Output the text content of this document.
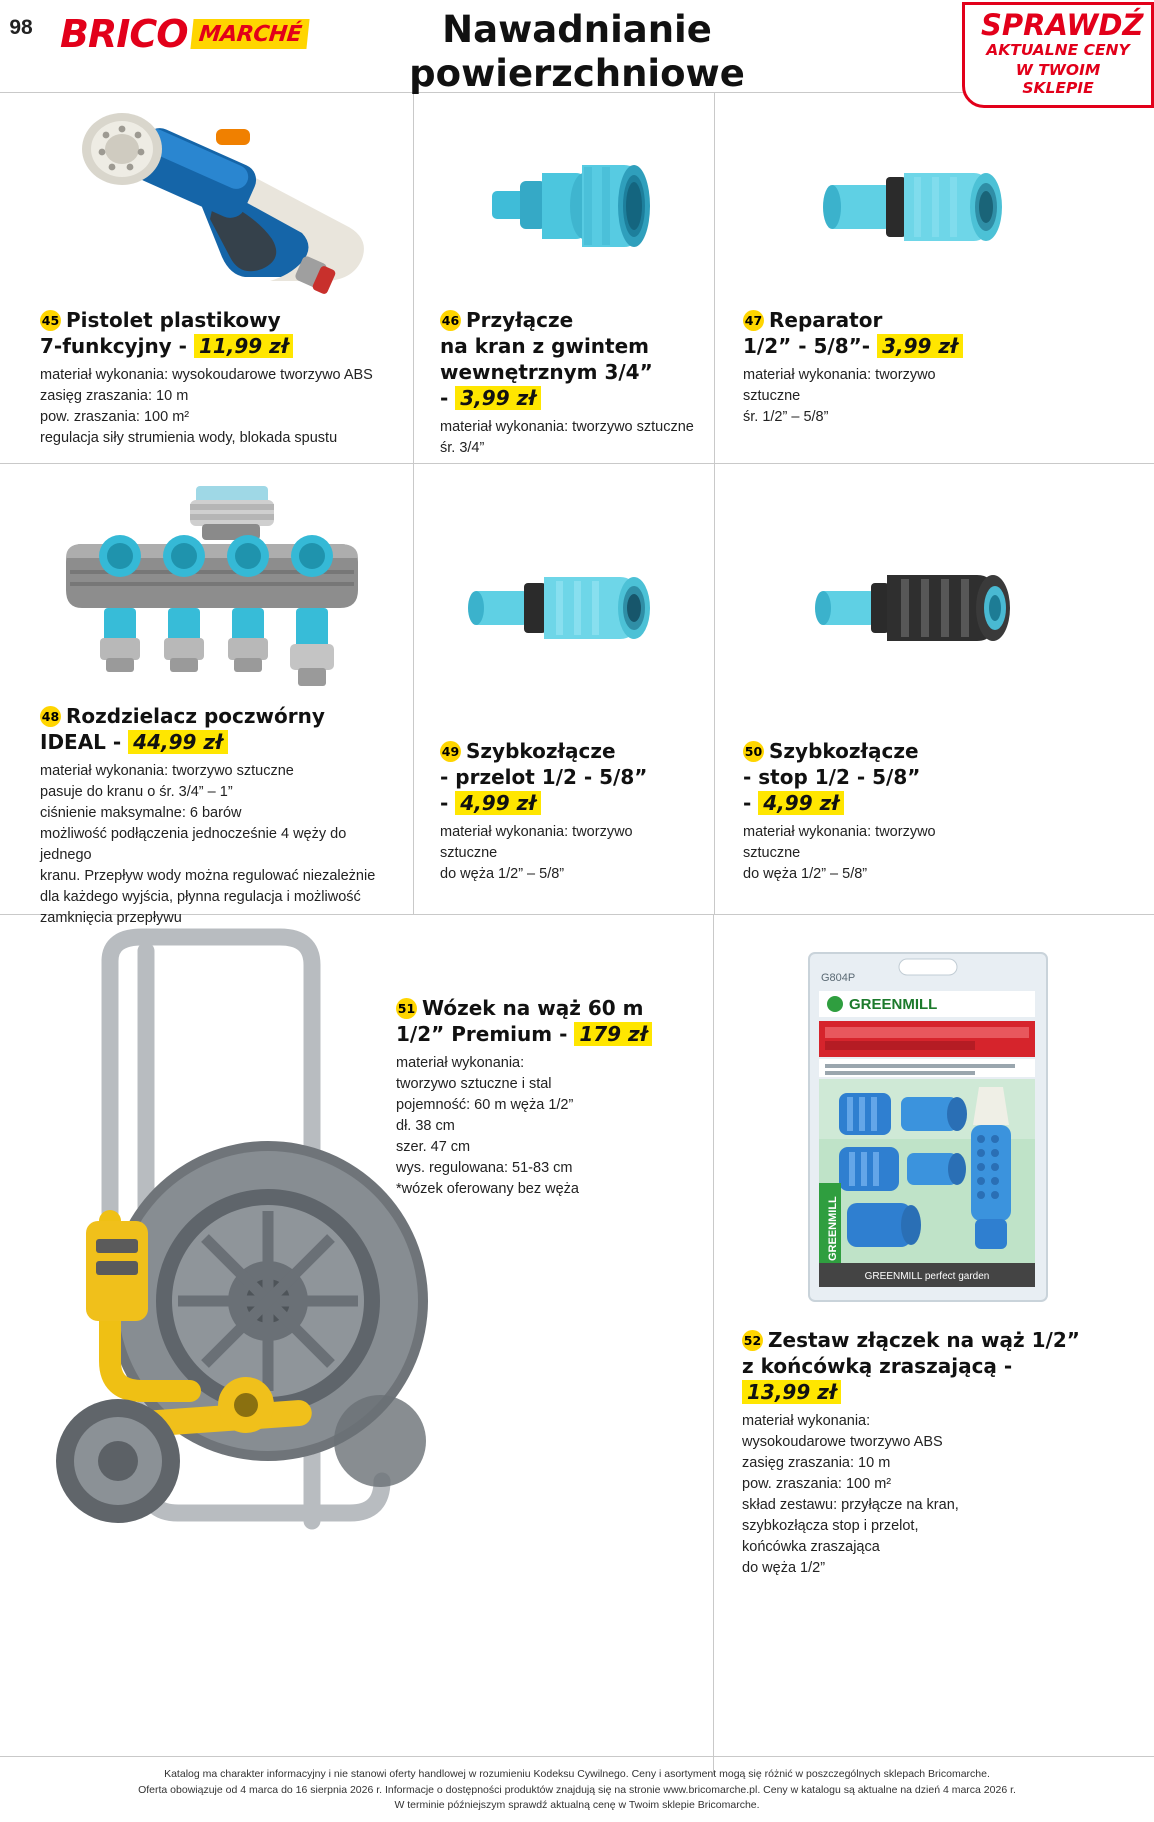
98 BRICO MARCHÉ	Nawadnianie
powierzchniowe
SPRAWDŹ
AKTUALNE CENY
W TWOIM SKLEPIE
45 Pistolet plastikowy
7-funkcyjny - 11,99 zł
materiał wykonania: wysokoudarowe tworzywo ABS
zasięg zraszania: 10 m
pow. zraszania: 100 m²
regulacja siły strumienia wody, blokada spustu
46 Przyłącze
na kran z gwintem
wewnętrznym 3/4”
- 3,99 zł
materiał wykonania: tworzywo sztuczne
śr. 3/4”
47 Reparator
1/2” - 5/8”- 3,99 zł
materiał wykonania: tworzywo
sztuczne
śr. 1/2” – 5/8”
48 Rozdzielacz poczwórny
IDEAL - 44,99 zł
materiał wykonania: tworzywo sztuczne
pasuje do kranu o śr. 3/4” – 1”
ciśnienie maksymalne: 6 barów
możliwość podłączenia jednocześnie 4 węży do jednego
kranu. Przepływ wody można regulować niezależnie
dla każdego wyjścia, płynna regulacja i możliwość
zamknięcia przepływu
49 Szybkozłącze
- przelot 1/2 - 5/8”
- 4,99 zł
materiał wykonania: tworzywo
sztuczne
do węża 1/2” – 5/8”
50 Szybkozłącze
- stop 1/2 - 5/8”
- 4,99 zł
materiał wykonania: tworzywo
sztuczne
do węża 1/2” – 5/8”
51 Wózek na wąż 60 m
1/2” Premium - 179 zł
materiał wykonania:
tworzywo sztuczne i stal
pojemność: 60 m węża 1/2”
dł. 38 cm
szer. 47 cm
wys. regulowana: 51-83 cm
*wózek oferowany bez węża
G804P
GREENMILL
GREENMILL
GREENMILL perfect garden
52 Zestaw złączek na wąż 1/2”
z końcówką zraszającą - 13,99 zł
materiał wykonania:
wysokoudarowe tworzywo ABS
zasięg zraszania: 10 m
pow. zraszania: 100 m²
skład zestawu: przyłącze na kran,
szybkozłącza stop i przelot,
końcówka zraszająca
do węża 1/2”
Katalog ma charakter informacyjny i nie stanowi oferty handlowej w rozumieniu Kodeksu Cywilnego. Ceny i asortyment mogą się różnić w poszczególnych sklepach Bricomarche.
Oferta obowiązuje od 4 marca do 16 sierpnia 2026 r. Informacje o dostępności produktów znajdują się na stronie www.bricomarche.pl. Ceny w katalogu są aktualne na dzień 4 marca 2026 r.
W terminie późniejszym sprawdź aktualną cenę w Twoim sklepie Bricomarche.
